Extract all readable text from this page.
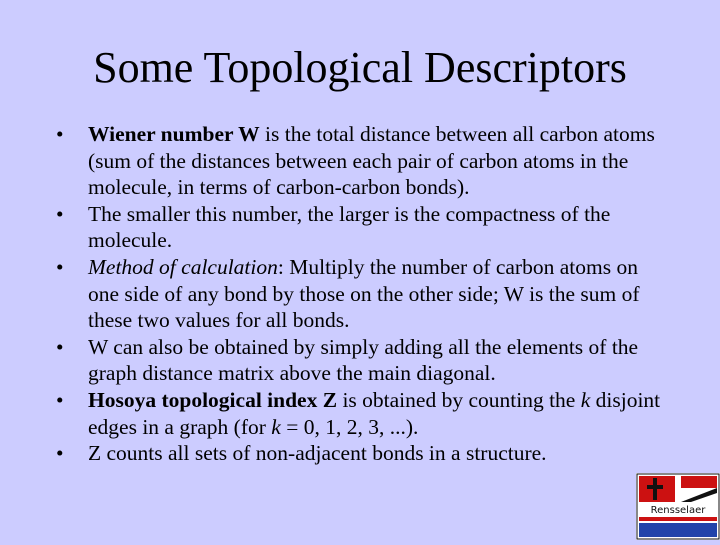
Some Topological Descriptors
• Wiener number W is the total distance between all carbon atoms (sum of the distances between each pair of carbon atoms in the molecule, in terms of carbon-carbon bonds).
• The smaller this number, the larger is the compactness of the molecule.
• Method of calculation: Multiply the number of carbon atoms on one side of any bond by those on the other side; W is the sum of these two values for all bonds.
• W can also be obtained by simply adding all the elements of the graph distance matrix above the main diagonal.
• Hosoya topological index Z is obtained by counting the k disjoint edges in a graph (for k = 0, 1, 2, 3, ...).
• Z counts all sets of non-adjacent bonds in a structure.
Rensselaer
